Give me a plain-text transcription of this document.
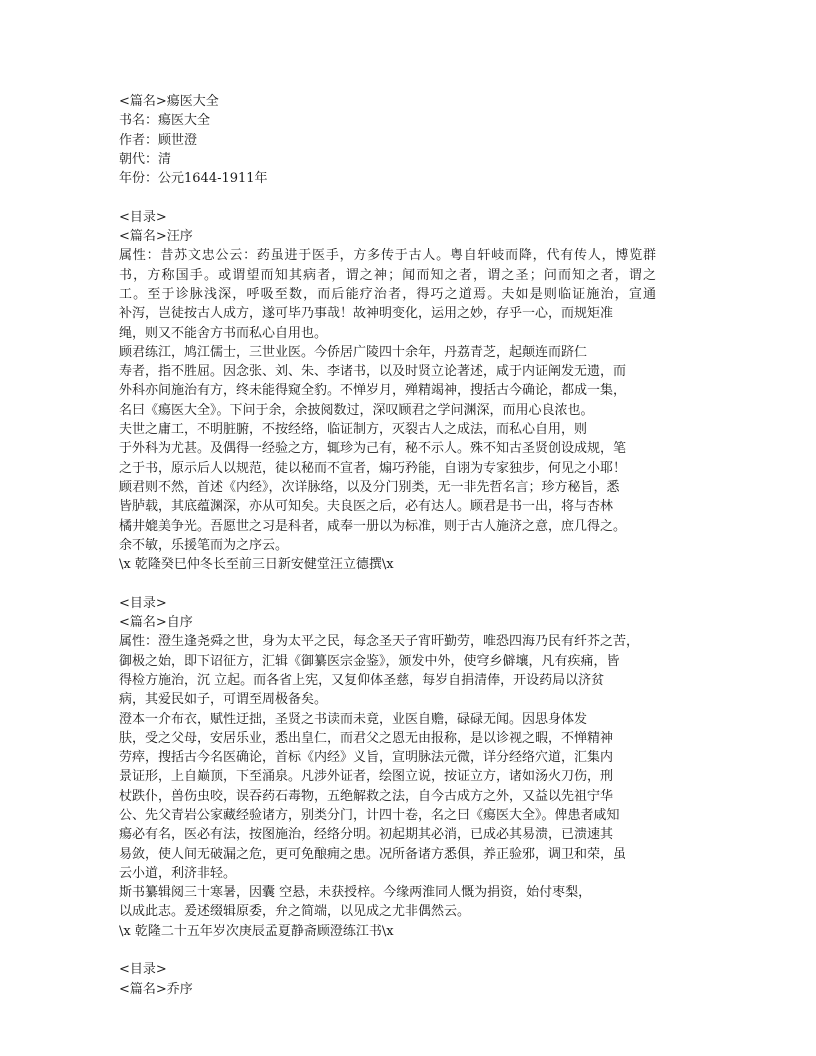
<篇名>瘍医大全
书名：瘍医大全
作者：顾世澄
朝代：清
年份：公元1644-1911年
<目录>
<篇名>汪序
属性：昔苏文忠公云：药虽进于医手，方多传于古人。粤自轩岐而降，代有传人，博览群
书，方称国手。或谓望而知其病者，谓之神；闻而知之者，谓之圣；问而知之者，谓之
工。至于诊脉浅深，呼吸至数，而后能疗治者，得巧之道焉。夫如是则临证施治，宣通
补泻，岂徒按古人成方，遂可毕乃事哉！故神明变化，运用之妙，存乎一心，而规矩准
绳，则又不能舍方书而私心自用也。
顾君练江，鸠江儒士，三世业医。今侨居广陵四十余年，丹荔青芝，起颠连而跻仁
寿者，指不胜屈。因念张、刘、朱、李诸书，以及时贤立论著述，咸于内证阐发无遗，而
外科亦间施治有方，终未能得窥全豹。不惮岁月，殚精竭神，搜括古今确论，都成一集，
名曰《瘍医大全》。下问于余，余披阅数过，深叹顾君之学问渊深，而用心良浓也。
夫世之庸工，不明脏腑，不按经络，临证制方，灭裂古人之成法，而私心自用，则
于外科为尤甚。及偶得一经验之方，辄珍为己有，秘不示人。殊不知古圣贤创设成规，笔
之于书，原示后人以规范，徒以秘而不宣者，煽巧矜能，自诩为专家独步，何见之小耶！
顾君则不然，首述《内经》，次详脉络，以及分门别类，无一非先哲名言；珍方秘旨，悉
皆胪载，其底蕴渊深，亦从可知矣。夫良医之后，必有达人。顾君是书一出，将与杏林
橘井媲美争光。吾愿世之习是科者，咸奉一册以为标准，则于古人施济之意，庶几得之。
余不敏，乐援笔而为之序云。
\x 乾隆癸巳仲冬长至前三日新安健堂汪立德撰\x
<目录>
<篇名>自序
属性：澄生逢尧舜之世，身为太平之民，每念圣天子宵旰勤劳，唯恐四海乃民有纤芥之苦，
御极之始，即下诏征方，汇辑《御纂医宗金鉴》，颁发中外，使穹乡僻壤，凡有疾痛，皆
得检方施治，沉 立起。而各省上宪，又复仰体圣慈，每岁自捐清俸，开设药局以济贫
病，其爱民如子，可谓至周极备矣。
澄本一介布衣，赋性迂拙，圣贤之书读而未竟，业医自赡，碌碌无闻。因思身体发
肤，受之父母，安居乐业，悉出皇仁，而君父之恩无由报称，是以诊视之暇，不惮精神
劳瘁，搜括古今名医确论，首标《内经》义旨，宣明脉法元微，详分经络穴道，汇集内
景证形，上自巅顶，下至涌泉。凡涉外证者，绘图立说，按证立方，诸如汤火刀伤，刑
杖跌仆，兽伤虫咬，误吞药石毒物，五绝解救之法，自今古成方之外，又益以先祖宁华
公、先父青岩公家藏经验诸方，别类分门，计四十卷，名之曰《瘍医大全》。俾患者咸知
瘍必有名，医必有法，按图施治，经络分明。初起期其必消，已成必其易溃，已溃速其
易敛，使人间无破漏之危，更可免酿痈之患。况所备诸方悉俱，养正验邪，调卫和荣，虽
云小道，利济非轻。
斯书纂辑阅三十寒暑，因囊 空悬，未获授梓。今缘两淮同人慨为捐资，始付枣梨，
以成此志。爰述缀辑原委，弁之简端，以见成之尤非偶然云。
\x 乾隆二十五年岁次庚辰孟夏静斋顾澄练江书\x
<目录>
<篇名>乔序
